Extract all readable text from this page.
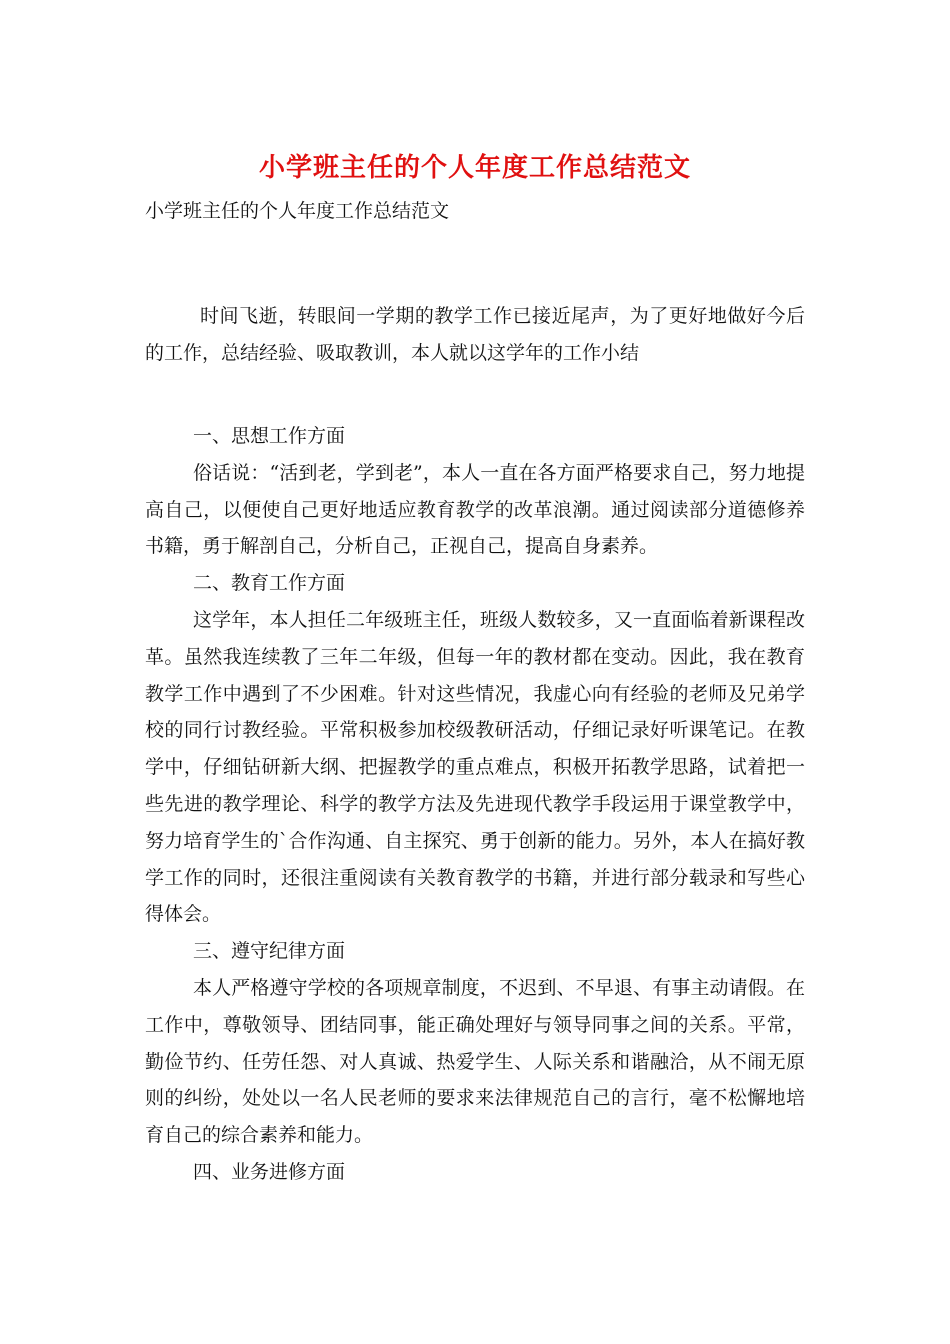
小学班主任的个人年度工作总结范文
小学班主任的个人年度工作总结范文

时间飞逝，转眼间一学期的教学工作已接近尾声，为了更好地做好今后的工作，总结经验、吸取教训，本人就以这学年的工作小结

一、思想工作方面

俗话说：“活到老，学到老”，本人一直在各方面严格要求自己，努力地提高自己，以便使自己更好地适应教育教学的改革浪潮。通过阅读部分道德修养书籍，勇于解剖自己，分析自己，正视自己，提高自身素养。

二、教育工作方面

这学年，本人担任二年级班主任，班级人数较多，又一直面临着新课程改革。虽然我连续教了三年二年级，但每一年的教材都在变动。因此，我在教育教学工作中遇到了不少困难。针对这些情况，我虚心向有经验的老师及兄弟学校的同行讨教经验。平常积极参加校级教研活动，仔细记录好听课笔记。在教学中，仔细钻研新大纲、把握教学的重点难点，积极开拓教学思路，试着把一些先进的教学理论、科学的教学方法及先进现代教学手段运用于课堂教学中，努力培育学生的`合作沟通、自主探究、勇于创新的能力。另外，本人在搞好教学工作的同时，还很注重阅读有关教育教学的书籍，并进行部分载录和写些心得体会。

三、遵守纪律方面

本人严格遵守学校的各项规章制度，不迟到、不早退、有事主动请假。在工作中，尊敬领导、团结同事，能正确处理好与领导同事之间的关系。平常，勤俭节约、任劳任怨、对人真诚、热爱学生、人际关系和谐融洽，从不闹无原则的纠纷，处处以一名人民老师的要求来法律规范自己的言行，毫不松懈地培育自己的综合素养和能力。

四、业务进修方面
